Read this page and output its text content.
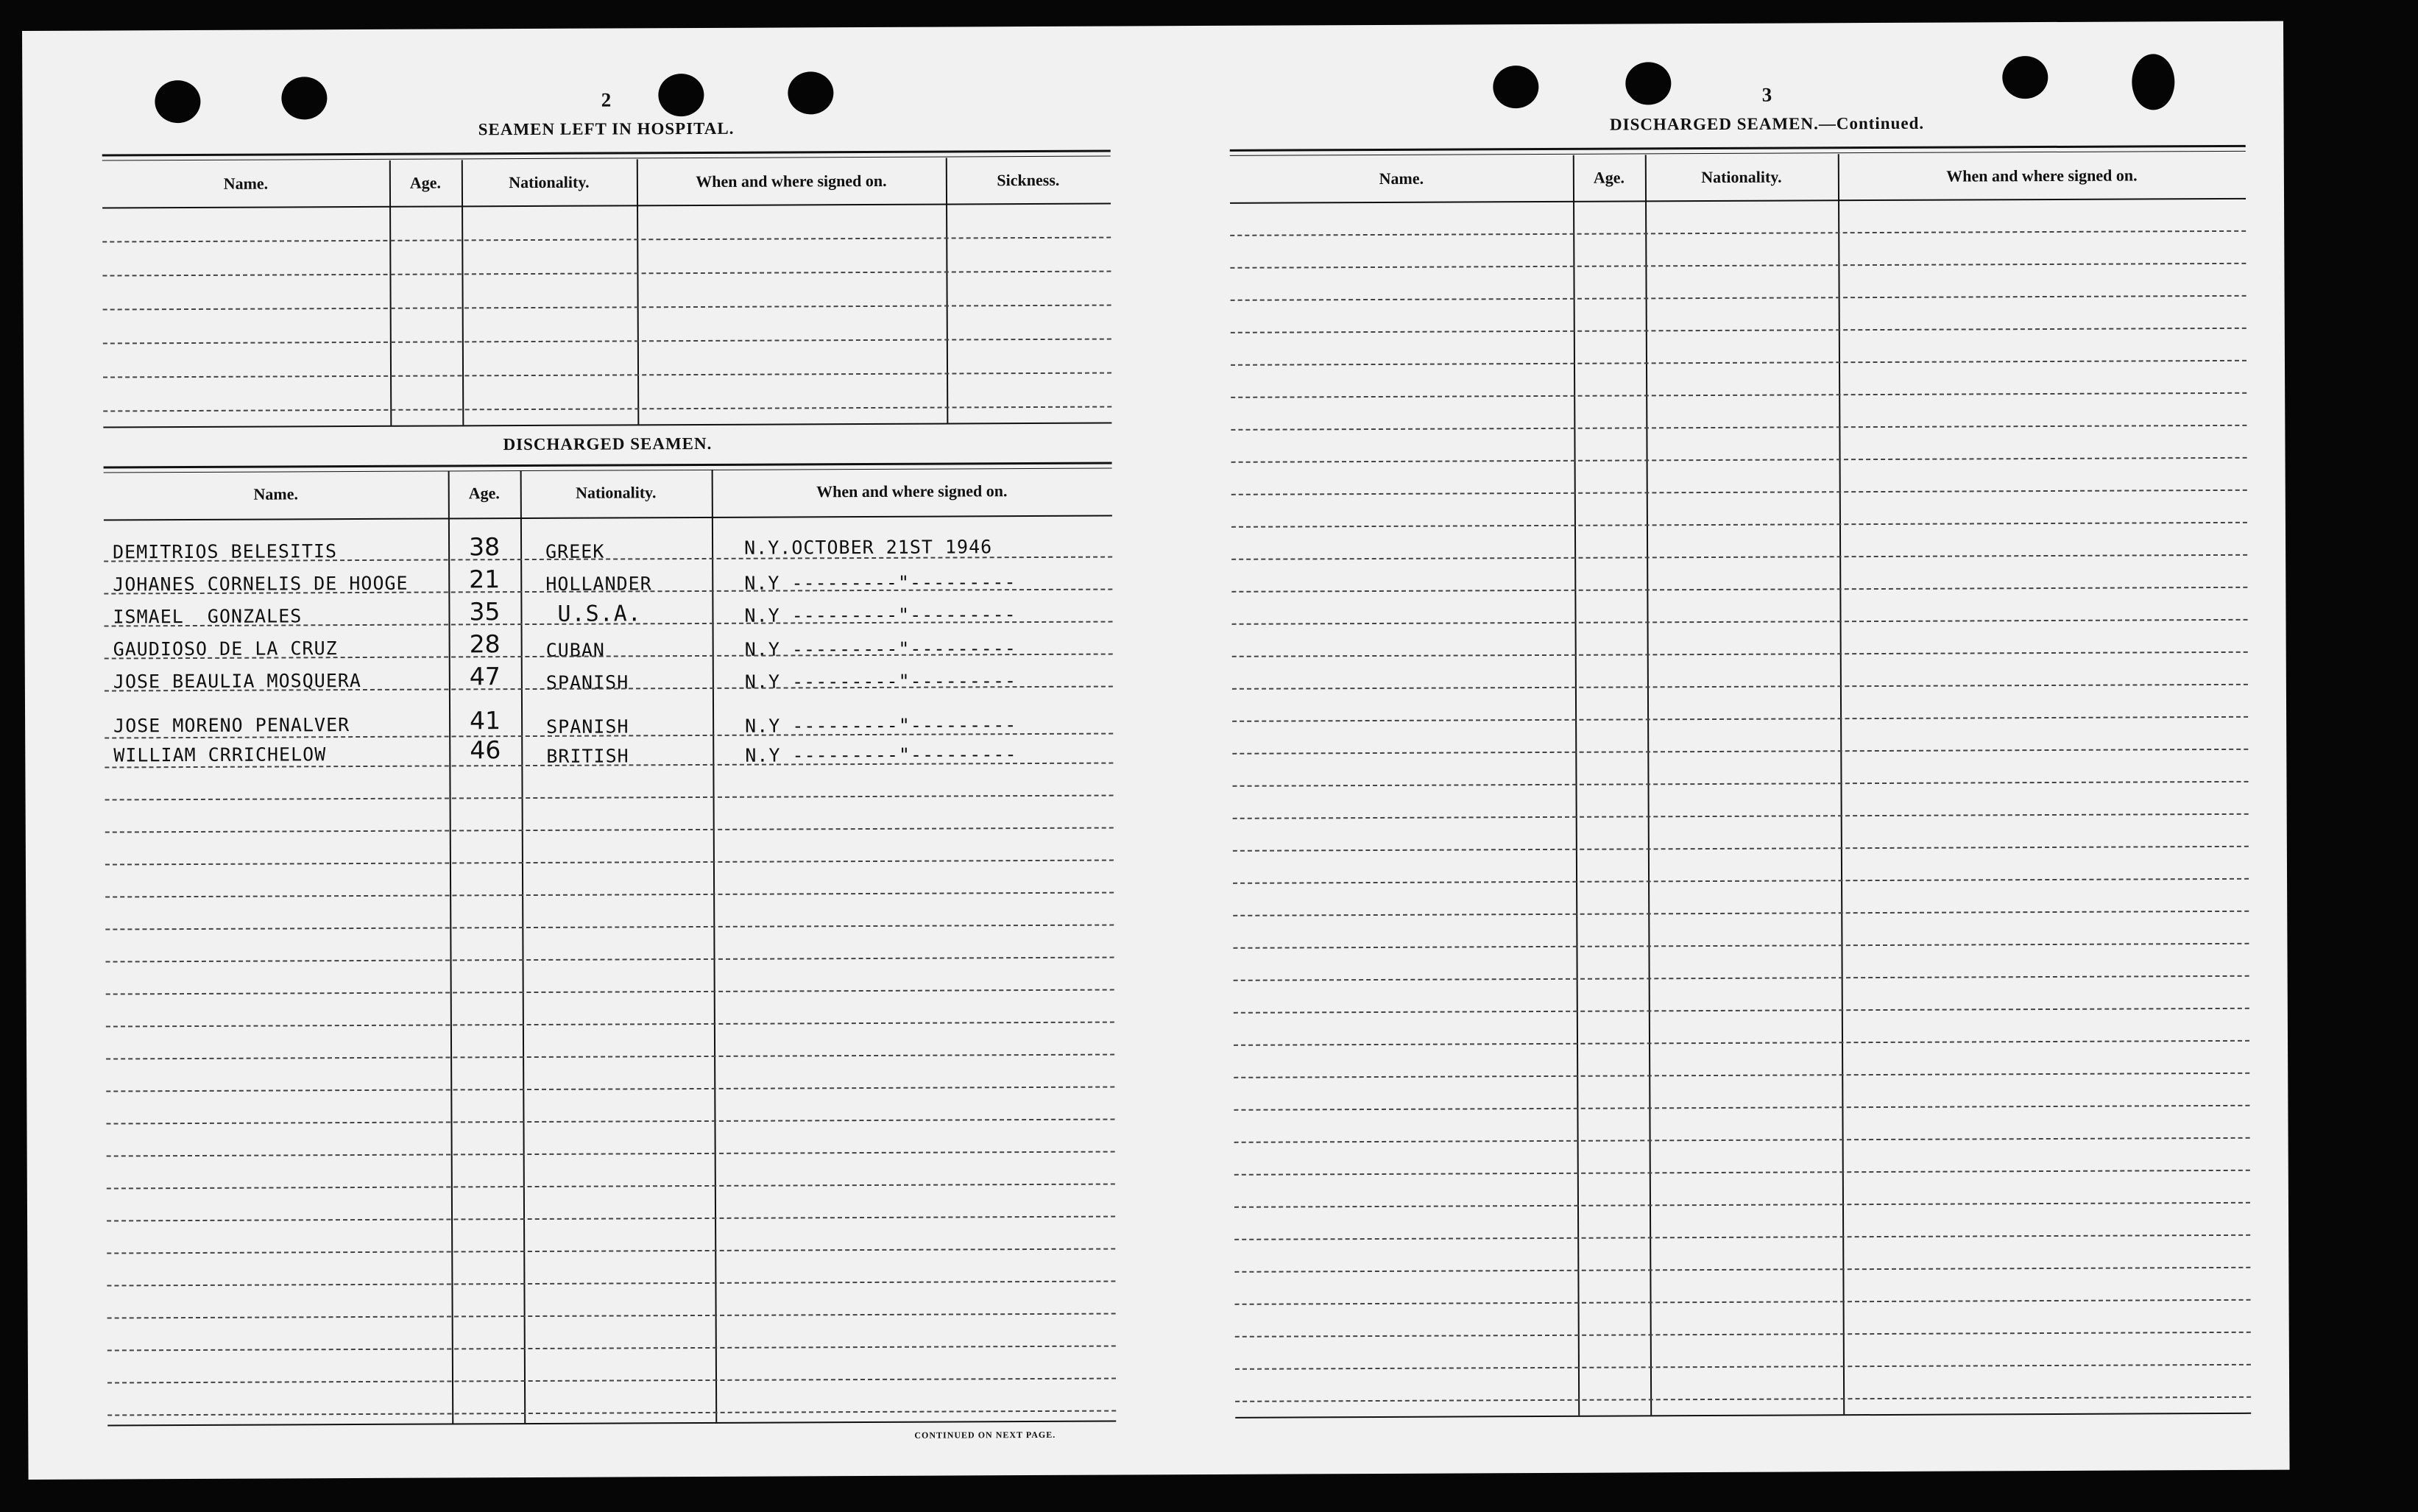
2
SEAMEN LEFT IN HOSPITAL.
Name.	Age.	Nationality.	When and where signed on.	Sickness.
DISCHARGED SEAMEN.
Name.	Age.	Nationality.	When and where signed on.
DEMITRIOS BELESITIS	38 GREEK	N.Y.OCTOBER 21ST 1946
JOHANES CORNELIS DE HOOGE	21 HOLLANDER	N.Y ---------"---------
ISMAEL  GONZALES	35	U.S.A.	N.Y ---------"---------
GAUDIOSO DE LA CRUZ	28 CUBAN	N.Y ---------"---------
JOSE BEAULIA MOSQUERA	47 SPANISH	N.Y ---------"---------
JOSE MORENO PENALVER	41 SPANISH	N.Y ---------"---------
WILLIAM CRRICHELOW	46 BRITISH	N.Y ---------"---------
CONTINUED ON NEXT PAGE.
3
DISCHARGED SEAMEN.—Continued.
Name.	Age.	Nationality.	When and where signed on.
